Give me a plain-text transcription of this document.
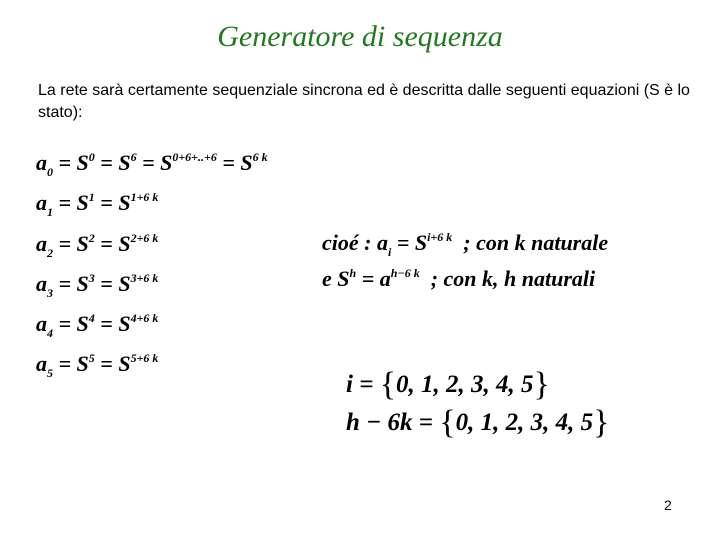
Generatore di sequenza
La rete sarà certamente sequenziale sincrona ed è descritta dalle seguenti equazioni (S è lo stato):
$a_0 = S^0 = S^6 = S^{0+6+..+6} = S^{6 k}$
$a_1 = S^1 = S^{1+6 k}$
$a_2 = S^2 = S^{2+6 k}$
$a_3 = S^3 = S^{3+6 k}$
$a_4 = S^4 = S^{4+6 k}$
$a_5 = S^5 = S^{5+6 k}$
cioé : $a_i = S^{i+6 k}$ ; con k naturale
e $S^h = a^{h-6 k}$ ; con k, h naturali
i = {0, 1, 2, 3, 4, 5}
h − 6k = {0, 1, 2, 3, 4, 5}
2
